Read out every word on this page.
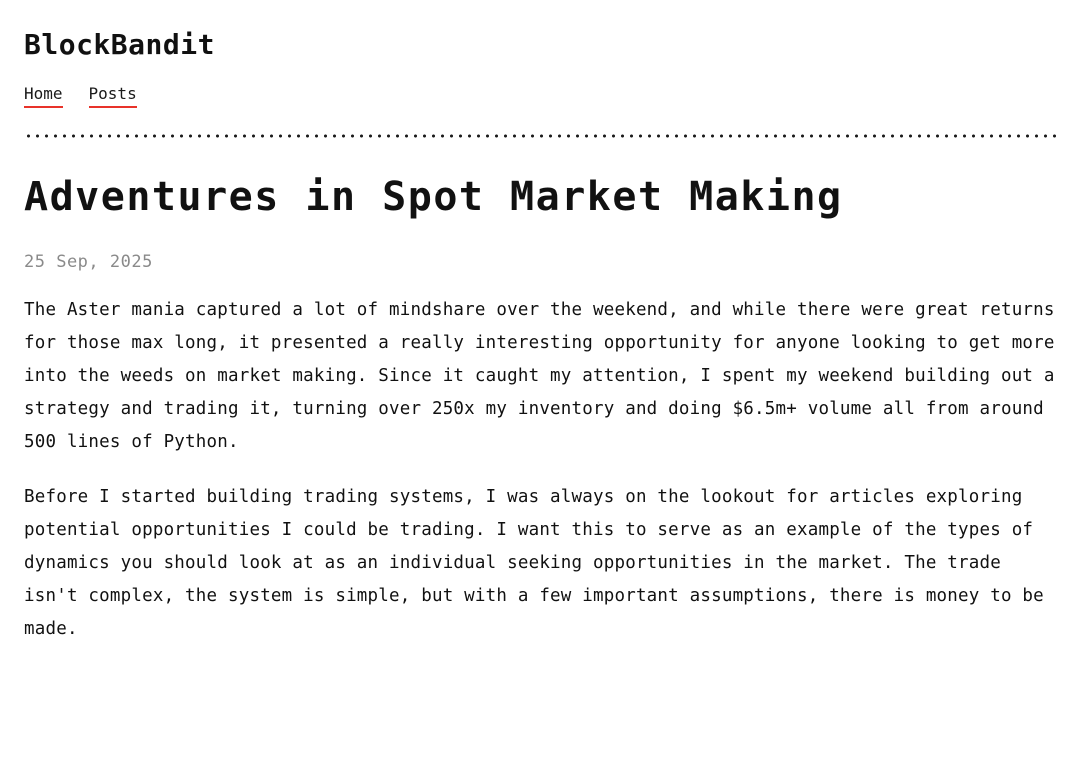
BlockBandit
Home Posts
Adventures in Spot Market Making
25 Sep, 2025

The Aster mania captured a lot of mindshare over the weekend, and while there were great returns for those max long, it presented a really interesting opportunity for anyone looking to get more into the weeds on market making. Since it caught my attention, I spent my weekend building out a strategy and trading it, turning over 250x my inventory and doing $6.5m+ volume all from around 500 lines of Python.

Before I started building trading systems, I was always on the lookout for articles exploring potential opportunities I could be trading. I want this to serve as an example of the types of dynamics you should look at as an individual seeking opportunities in the market. The trade isn't complex, the system is simple, but with a few important assumptions, there is money to be made.
